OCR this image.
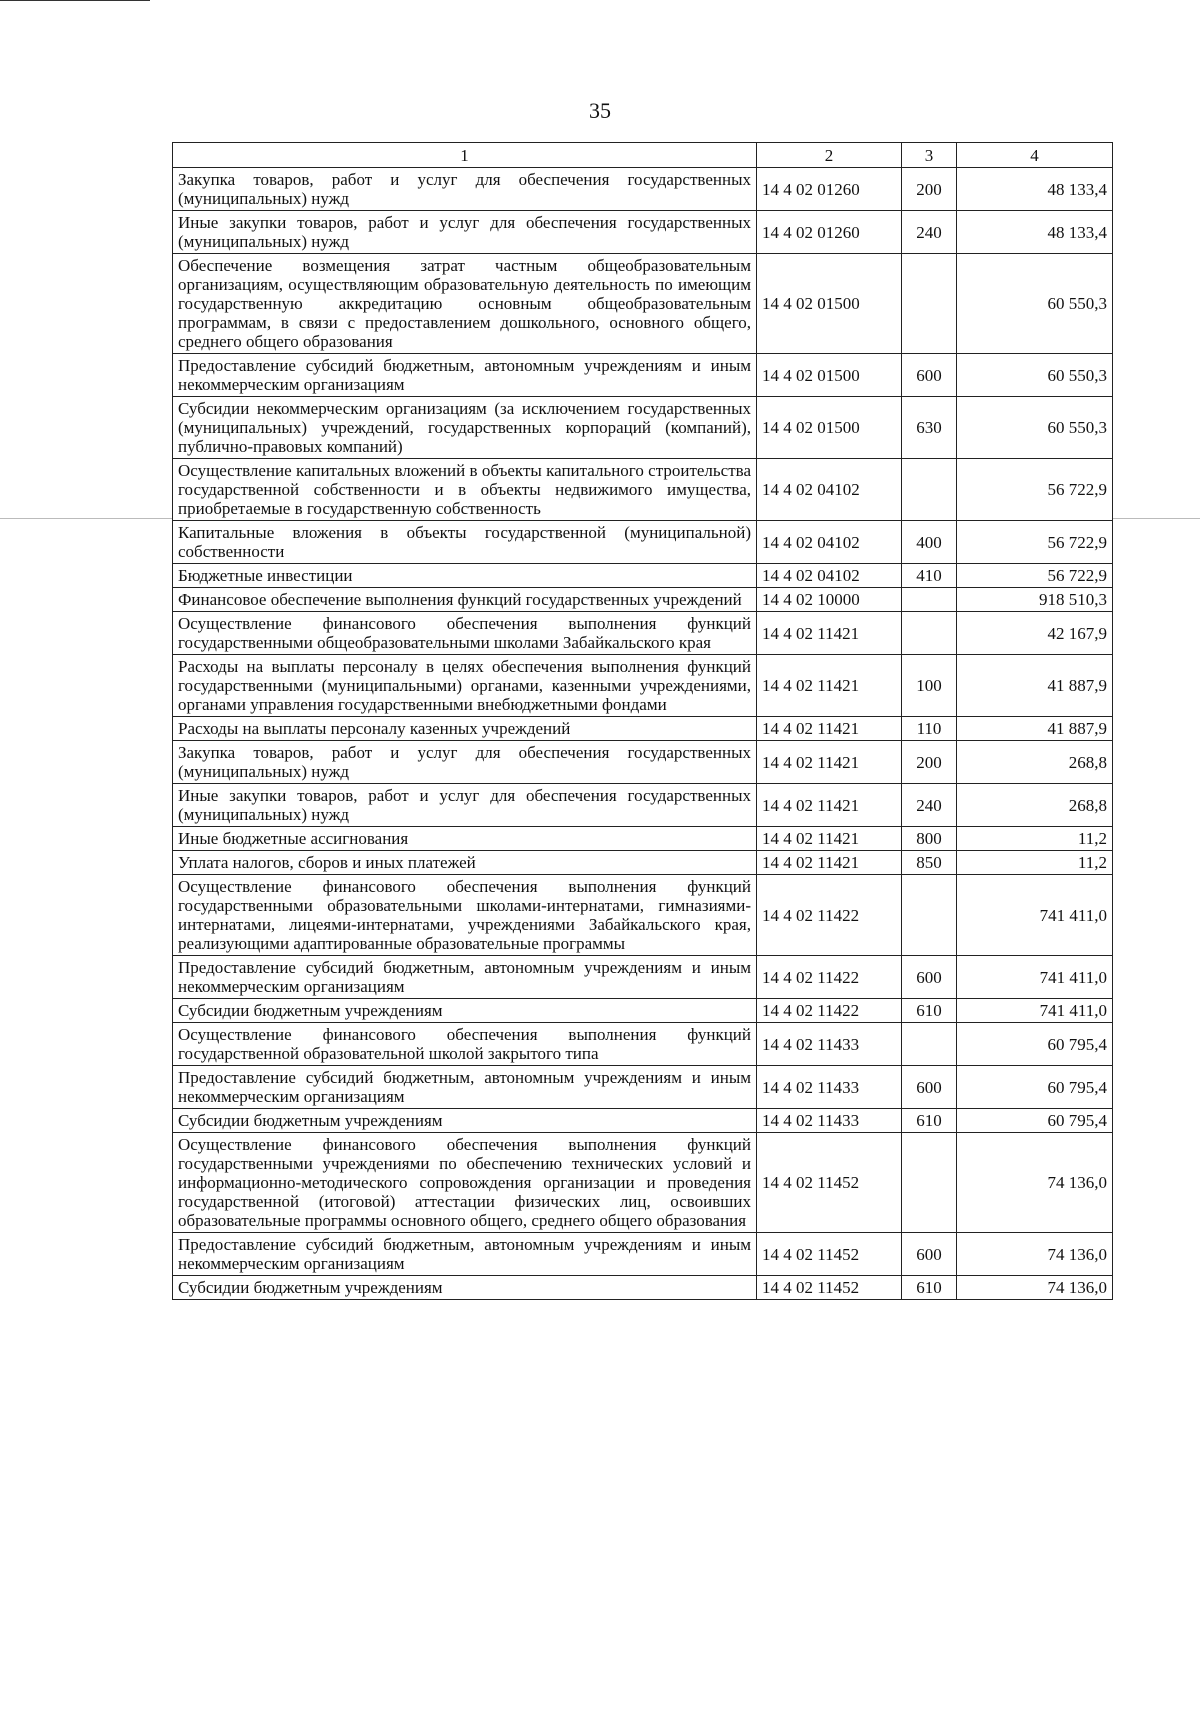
35
1	2	3	4
Закупка товаров, работ и услуг для обеспечения государственных (муниципальных) нужд	14 4 02 01260	200	48 133,4
Иные закупки товаров, работ и услуг для обеспечения государственных (муниципальных) нужд	14 4 02 01260	240	48 133,4
Обеспечение возмещения затрат частным общеобразовательным организациям, осуществляющим образовательную деятельность по имеющим государственную аккредитацию основным общеобразовательным программам, в связи с предоставлением дошкольного, основного общего, среднего общего образования	14 4 02 01500		60 550,3
Предоставление субсидий бюджетным, автономным учреждениям и иным некоммерческим организациям	14 4 02 01500	600	60 550,3
Субсидии некоммерческим организациям (за исключением государственных (муниципальных) учреждений, государственных корпораций (компаний), публично-правовых компаний)	14 4 02 01500	630	60 550,3
Осуществление капитальных вложений в объекты капитального строительства государственной собственности и в объекты недвижимого имущества, приобретаемые в государственную собственность	14 4 02 04102		56 722,9
Капитальные вложения в объекты государственной (муниципальной) собственности	14 4 02 04102	400	56 722,9
Бюджетные инвестиции	14 4 02 04102	410	56 722,9
Финансовое обеспечение выполнения функций государственных учреждений	14 4 02 10000		918 510,3
Осуществление финансового обеспечения выполнения функций государственными общеобразовательными школами Забайкальского края	14 4 02 11421		42 167,9
Расходы на выплаты персоналу в целях обеспечения выполнения функций государственными (муниципальными) органами, казенными учреждениями, органами управления государственными внебюджетными фондами	14 4 02 11421	100	41 887,9
Расходы на выплаты персоналу казенных учреждений	14 4 02 11421	110	41 887,9
Закупка товаров, работ и услуг для обеспечения государственных (муниципальных) нужд	14 4 02 11421	200	268,8
Иные закупки товаров, работ и услуг для обеспечения государственных (муниципальных) нужд	14 4 02 11421	240	268,8
Иные бюджетные ассигнования	14 4 02 11421	800	11,2
Уплата налогов, сборов и иных платежей	14 4 02 11421	850	11,2
Осуществление финансового обеспечения выполнения функций государственными образовательными школами-интернатами, гимназиями-интернатами, лицеями-интернатами, учреждениями Забайкальского края, реализующими адаптированные образовательные программы	14 4 02 11422		741 411,0
Предоставление субсидий бюджетным, автономным учреждениям и иным некоммерческим организациям	14 4 02 11422	600	741 411,0
Субсидии бюджетным учреждениям	14 4 02 11422	610	741 411,0
Осуществление финансового обеспечения выполнения функций государственной образовательной школой закрытого типа	14 4 02 11433		60 795,4
Предоставление субсидий бюджетным, автономным учреждениям и иным некоммерческим организациям	14 4 02 11433	600	60 795,4
Субсидии бюджетным учреждениям	14 4 02 11433	610	60 795,4
Осуществление финансового обеспечения выполнения функций государственными учреждениями по обеспечению технических условий и информационно-методического сопровождения организации и проведения государственной (итоговой) аттестации физических лиц, освоивших образовательные программы основного общего, среднего общего образования	14 4 02 11452		74 136,0
Предоставление субсидий бюджетным, автономным учреждениям и иным некоммерческим организациям	14 4 02 11452	600	74 136,0
Субсидии бюджетным учреждениям	14 4 02 11452	610	74 136,0
